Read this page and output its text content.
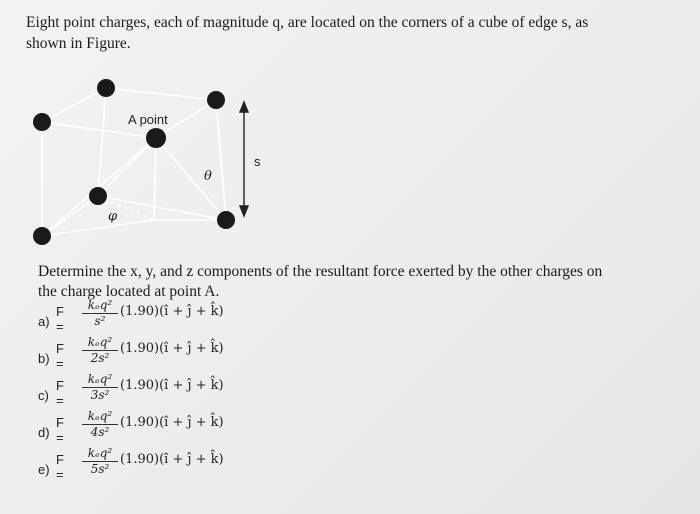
Eight point charges, each of magnitude q, are located on the corners of a cube of edge s, as
shown in Figure.
A point
θ
φ
s
Determine the x, y, and z components of the resultant force exerted by the other charges on
the charge located at point A.
a)
F =
kₑq²
s²
(1.90)(î + ĵ + k̂)
b)
F =
kₑq²
2s²
(1.90)(î + ĵ + k̂)
c)
F =
kₑq²
3s²
(1.90)(î + ĵ + k̂)
d)
F =
kₑq²
4s²
(1.90)(î + ĵ + k̂)
e)
F =
kₑq²
5s²
(1.90)(î + ĵ + k̂)
